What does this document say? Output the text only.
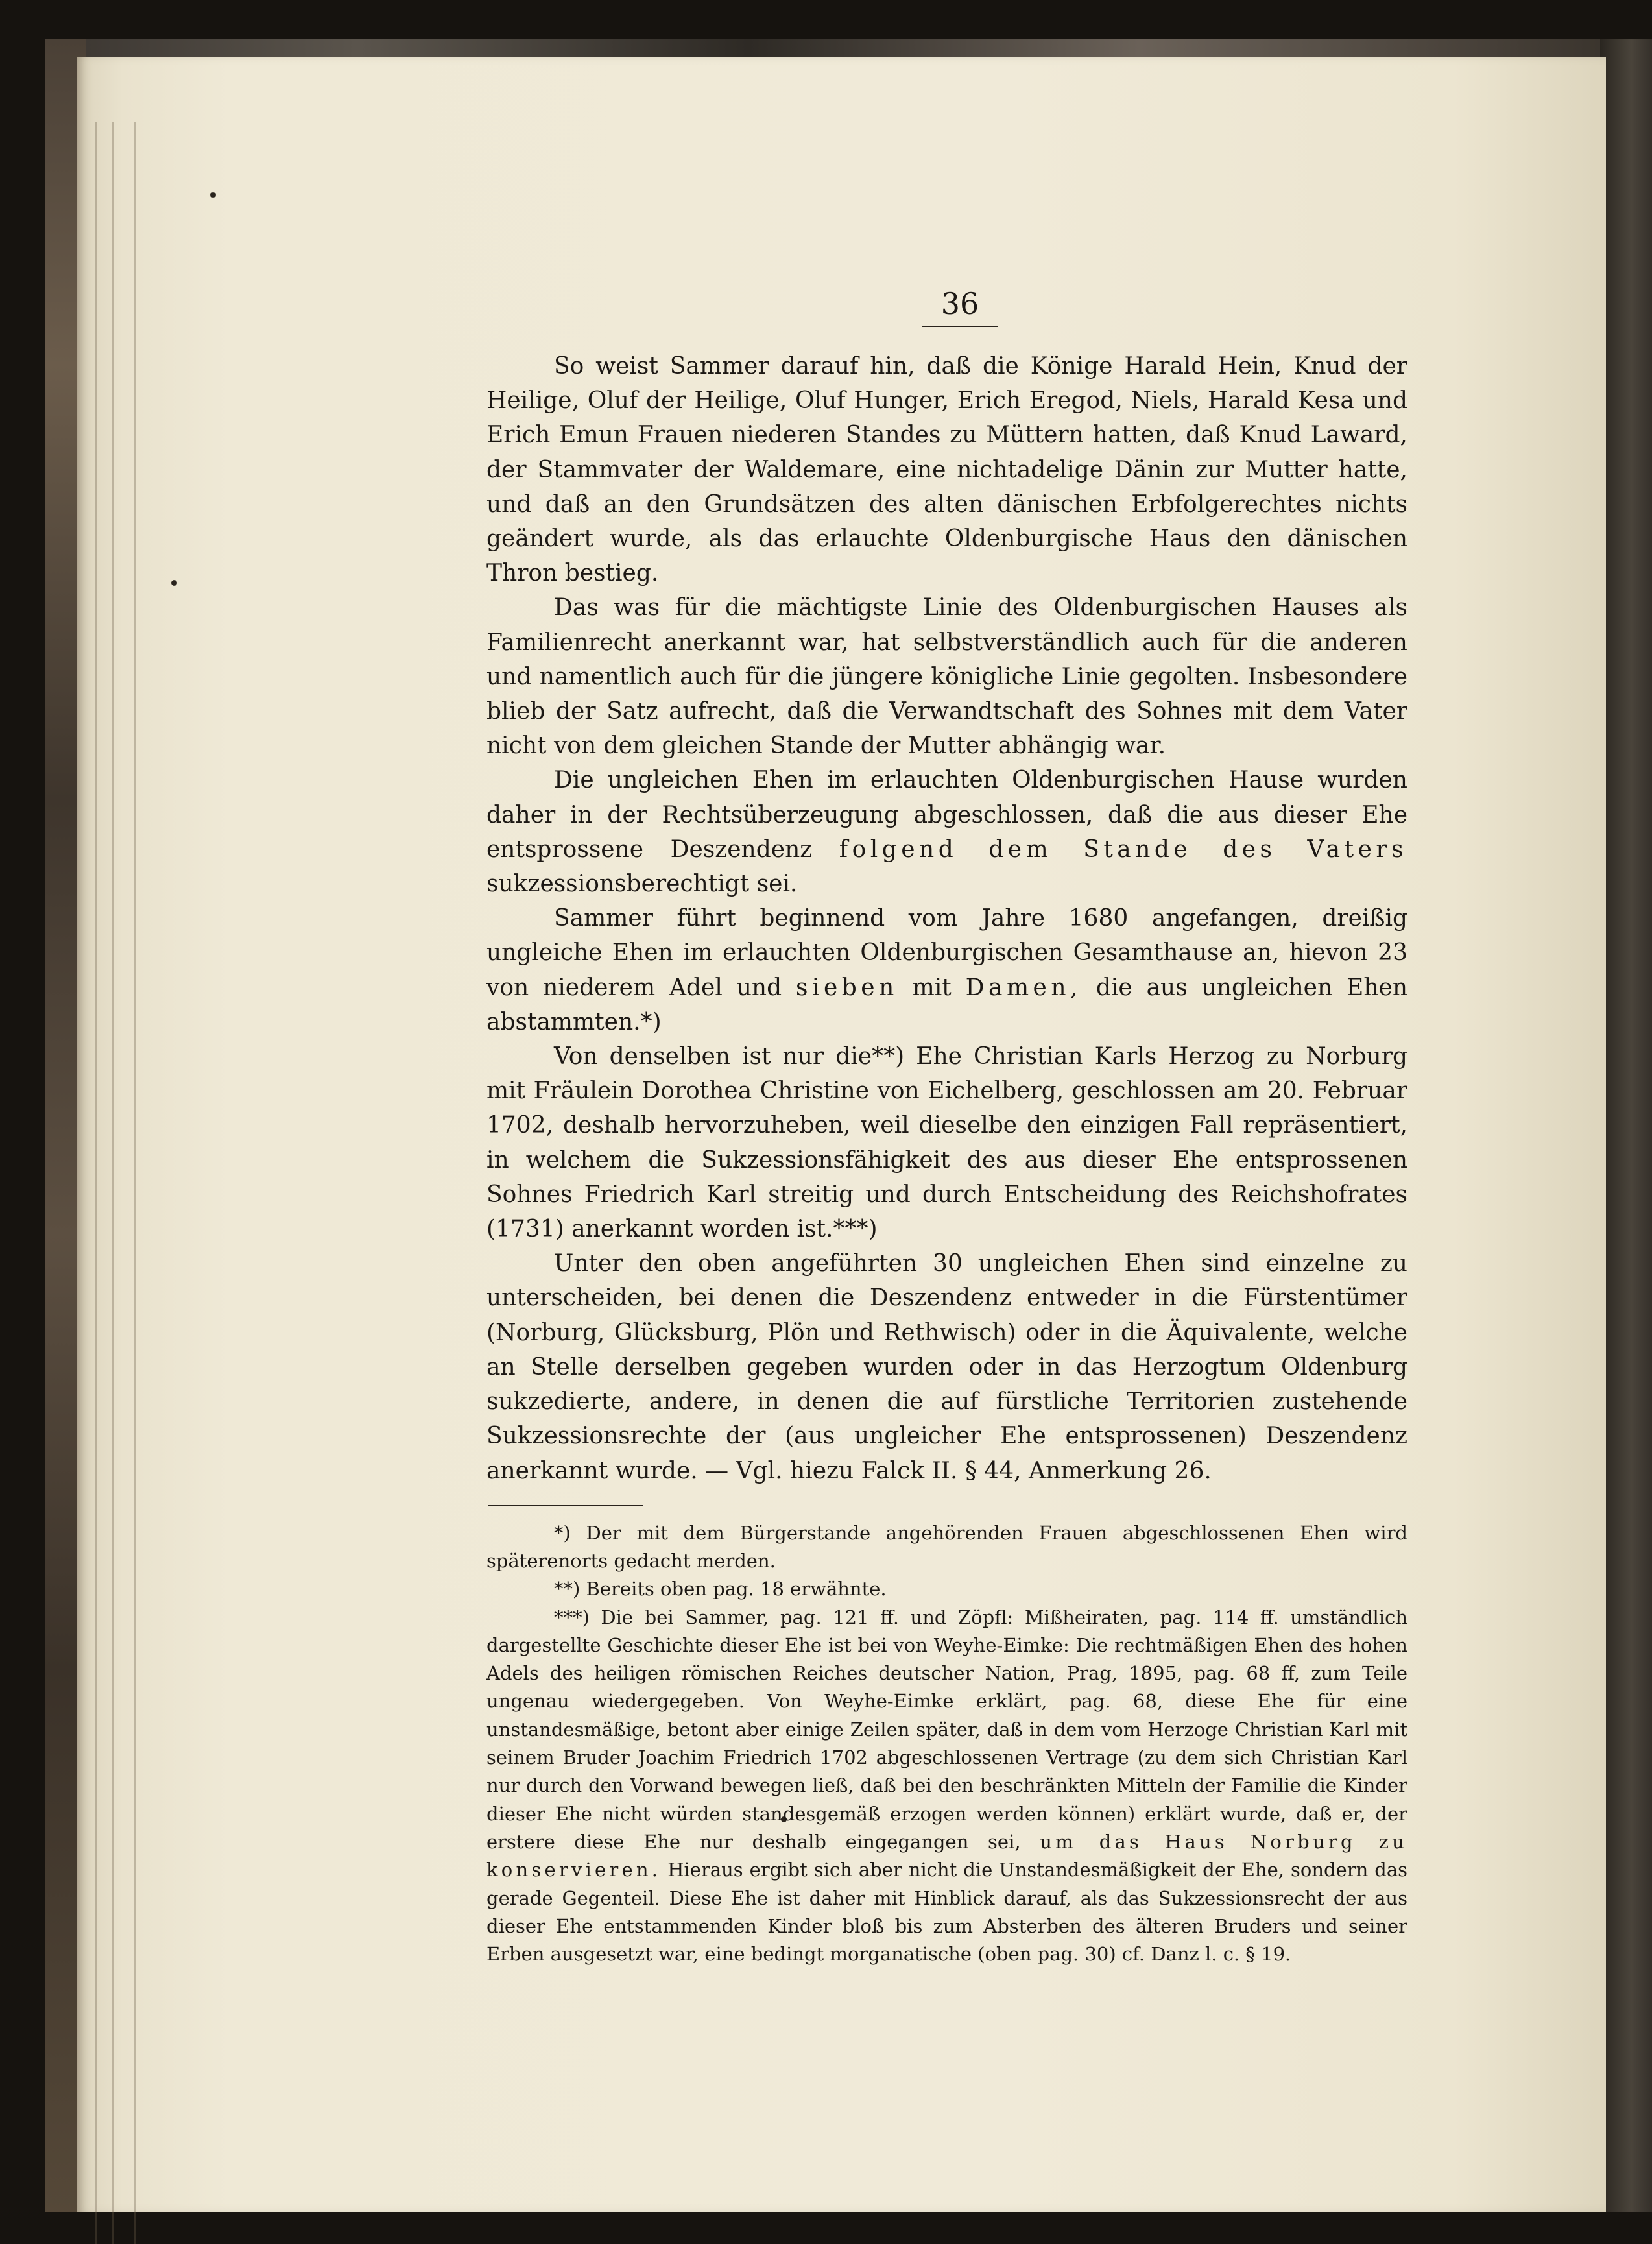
36

So weist Sammer darauf hin, daß die Könige Harald Hein, Knud der Heilige, Oluf der Heilige, Oluf Hunger, Erich Eregod, Niels, Harald Kesa und Erich Emun Frauen niederen Standes zu Müttern hatten, daß Knud Laward, der Stammvater der Waldemare, eine nichtadelige Dänin zur Mutter hatte, und daß an den Grundsätzen des alten dänischen Erbfolgerechtes nichts geändert wurde, als das erlauchte Oldenburgische Haus den dänischen Thron bestieg.

Das was für die mächtigste Linie des Oldenburgischen Hauses als Familienrecht anerkannt war, hat selbstverständlich auch für die anderen und namentlich auch für die jüngere königliche Linie gegolten. Insbesondere blieb der Satz aufrecht, daß die Verwandtschaft des Sohnes mit dem Vater nicht von dem gleichen Stande der Mutter abhängig war.

Die ungleichen Ehen im erlauchten Oldenburgischen Hause wurden daher in der Rechtsüberzeugung abgeschlossen, daß die aus dieser Ehe entsprossene Deszendenz folgend dem Stande des Vaters sukzessionsberechtigt sei.

Sammer führt beginnend vom Jahre 1680 angefangen, dreißig ungleiche Ehen im erlauchten Oldenburgischen Gesamthause an, hievon 23 von niederem Adel und sieben mit Damen, die aus ungleichen Ehen abstammten.*)

Von denselben ist nur die**) Ehe Christian Karls Herzog zu Norburg mit Fräulein Dorothea Christine von Eichelberg, geschlossen am 20. Februar 1702, deshalb hervorzuheben, weil dieselbe den einzigen Fall repräsentiert, in welchem die Sukzessionsfähigkeit des aus dieser Ehe entsprossenen Sohnes Friedrich Karl streitig und durch Entscheidung des Reichshofrates (1731) anerkannt worden ist.***)

Unter den oben angeführten 30 ungleichen Ehen sind einzelne zu unterscheiden, bei denen die Deszendenz entweder in die Fürstentümer (Norburg, Glücksburg, Plön und Rethwisch) oder in die Äquivalente, welche an Stelle derselben gegeben wurden oder in das Herzogtum Oldenburg sukzedierte, andere, in denen die auf fürstliche Territorien zustehende Sukzessionsrechte der (aus ungleicher Ehe entsprossenen) Deszendenz anerkannt wurde. — Vgl. hiezu Falck II. § 44, Anmerkung 26.

*) Der mit dem Bürgerstande angehörenden Frauen abgeschlossenen Ehen wird späterenorts gedacht merden.

**) Bereits oben pag. 18 erwähnte.

***) Die bei Sammer, pag. 121 ff. und Zöpfl: Mißheiraten, pag. 114 ff. umständlich dargestellte Geschichte dieser Ehe ist bei von Weyhe-Eimke: Die rechtmäßigen Ehen des hohen Adels des heiligen römischen Reiches deutscher Nation, Prag, 1895, pag. 68 ff, zum Teile ungenau wiedergegeben. Von Weyhe-Eimke erklärt, pag. 68, diese Ehe für eine unstandesmäßige, betont aber einige Zeilen später, daß in dem vom Herzoge Christian Karl mit seinem Bruder Joachim Friedrich 1702 abgeschlossenen Vertrage (zu dem sich Christian Karl nur durch den Vorwand bewegen ließ, daß bei den beschränkten Mitteln der Familie die Kinder dieser Ehe nicht würden standesgemäß erzogen werden können) erklärt wurde, daß er, der erstere diese Ehe nur deshalb eingegangen sei, um das Haus Norburg zu konservieren. Hieraus ergibt sich aber nicht die Unstandesmäßigkeit der Ehe, sondern das gerade Gegenteil. Diese Ehe ist daher mit Hinblick darauf, als das Sukzessionsrecht der aus dieser Ehe entstammenden Kinder bloß bis zum Absterben des älteren Bruders und seiner Erben ausgesetzt war, eine bedingt morganatische (oben pag. 30) cf. Danz l. c. § 19.
